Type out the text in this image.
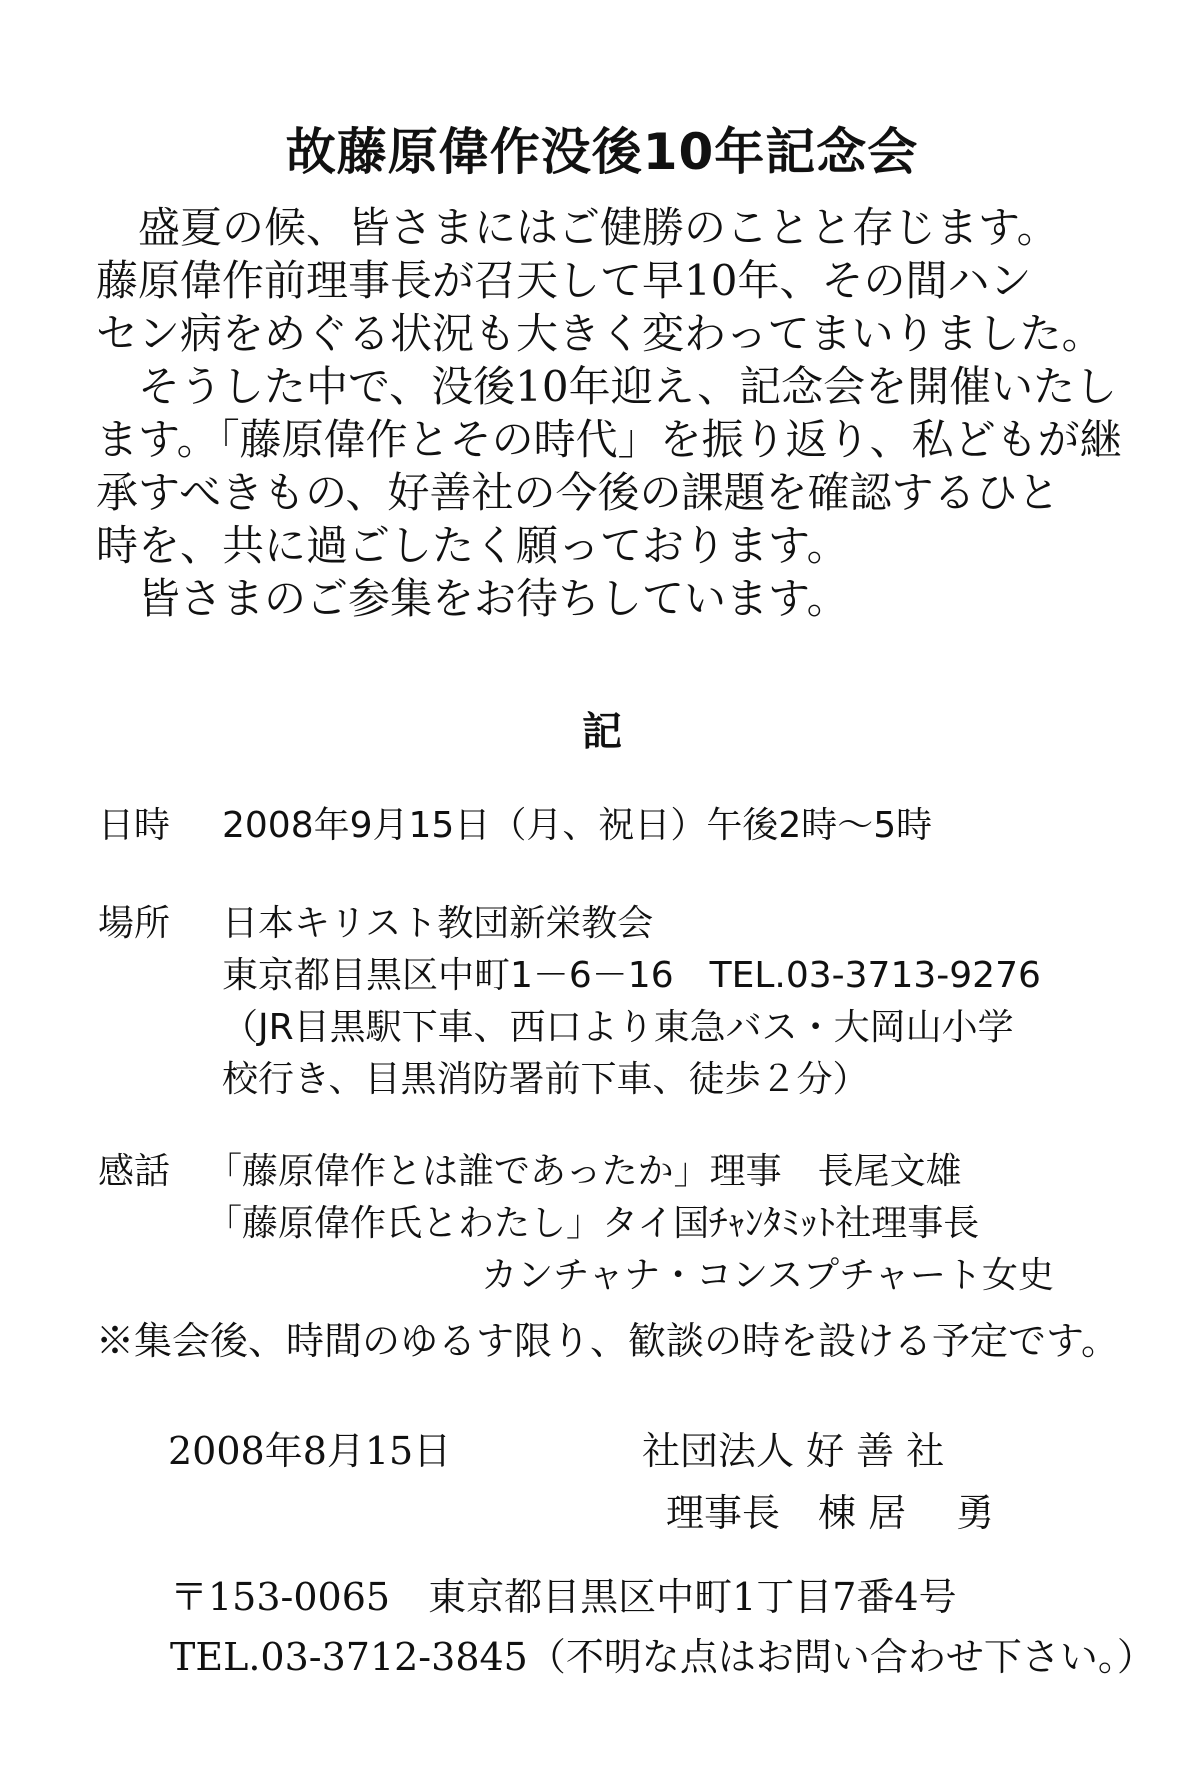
故藤原偉作没後10年記念会
　盛夏の候、皆さまにはご健勝のことと存じます。
藤原偉作前理事長が召天して早10年、その間ハン
セン病をめぐる状況も大きく変わってまいりました。
　そうした中で、没後10年迎え、記念会を開催いたし
ます。「藤原偉作とその時代」を振り返り、私どもが継
承すべきもの、好善社の今後の課題を確認するひと
時を、共に過ごしたく願っております。
　皆さまのご参集をお待ちしています。
記
日時 2008年9月15日（月、祝日）午後2時～5時
場所 日本キリスト教団新栄教会
東京都目黒区中町1－6－16　TEL.03-3713-9276
（JR目黒駅下車、西口より東急バス・大岡山小学
校行き、目黒消防署前下車、徒歩２分）
感話 「藤原偉作とは誰であったか」理事　長尾文雄
「藤原偉作氏とわたし」タイ国ﾁｬﾝﾀﾐｯﾄ社理事長
カンチャナ・コンスプチャート女史
※集会後、時間のゆるす限り、歓談の時を設ける予定です。
2008年8月15日	社団法人 好 善 社
理事長　棟 居　 勇
〒153-0065　東京都目黒区中町1丁目7番4号
TEL.03-3712-3845（不明な点はお問い合わせ下さい。）
